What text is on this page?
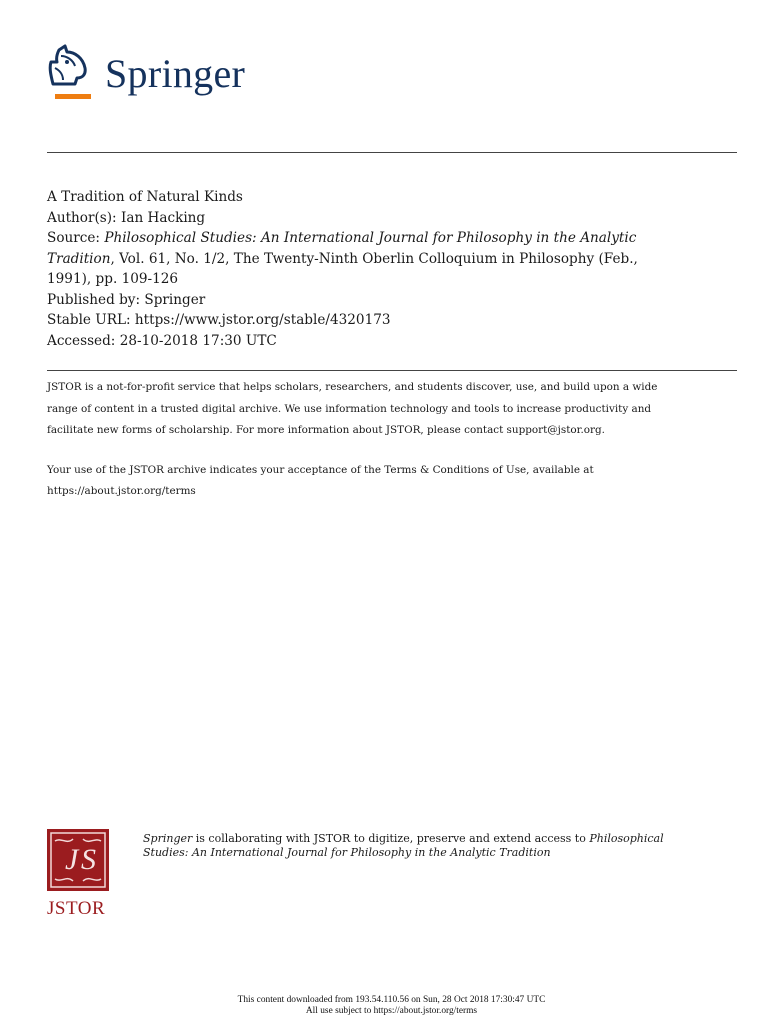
Springer
A Tradition of Natural Kinds
Author(s): Ian Hacking
Source: Philosophical Studies: An International Journal for Philosophy in the Analytic
Tradition, Vol. 61, No. 1/2, The Twenty-Ninth Oberlin Colloquium in Philosophy (Feb.,
1991), pp. 109-126
Published by: Springer
Stable URL: https://www.jstor.org/stable/4320173
Accessed: 28-10-2018 17:30 UTC

JSTOR is a not-for-profit service that helps scholars, researchers, and students discover, use, and build upon a wide

range of content in a trusted digital archive. We use information technology and tools to increase productivity and

facilitate new forms of scholarship. For more information about JSTOR, please contact support@jstor.org.

Your use of the JSTOR archive indicates your acceptance of the Terms & Conditions of Use, available at

https://about.jstor.org/terms

J S
JSTOR
Springer is collaborating with JSTOR to digitize, preserve and extend access to Philosophical
Studies: An International Journal for Philosophy in the Analytic Tradition
This content downloaded from 193.54.110.56 on Sun, 28 Oct 2018 17:30:47 UTC
All use subject to https://about.jstor.org/terms
